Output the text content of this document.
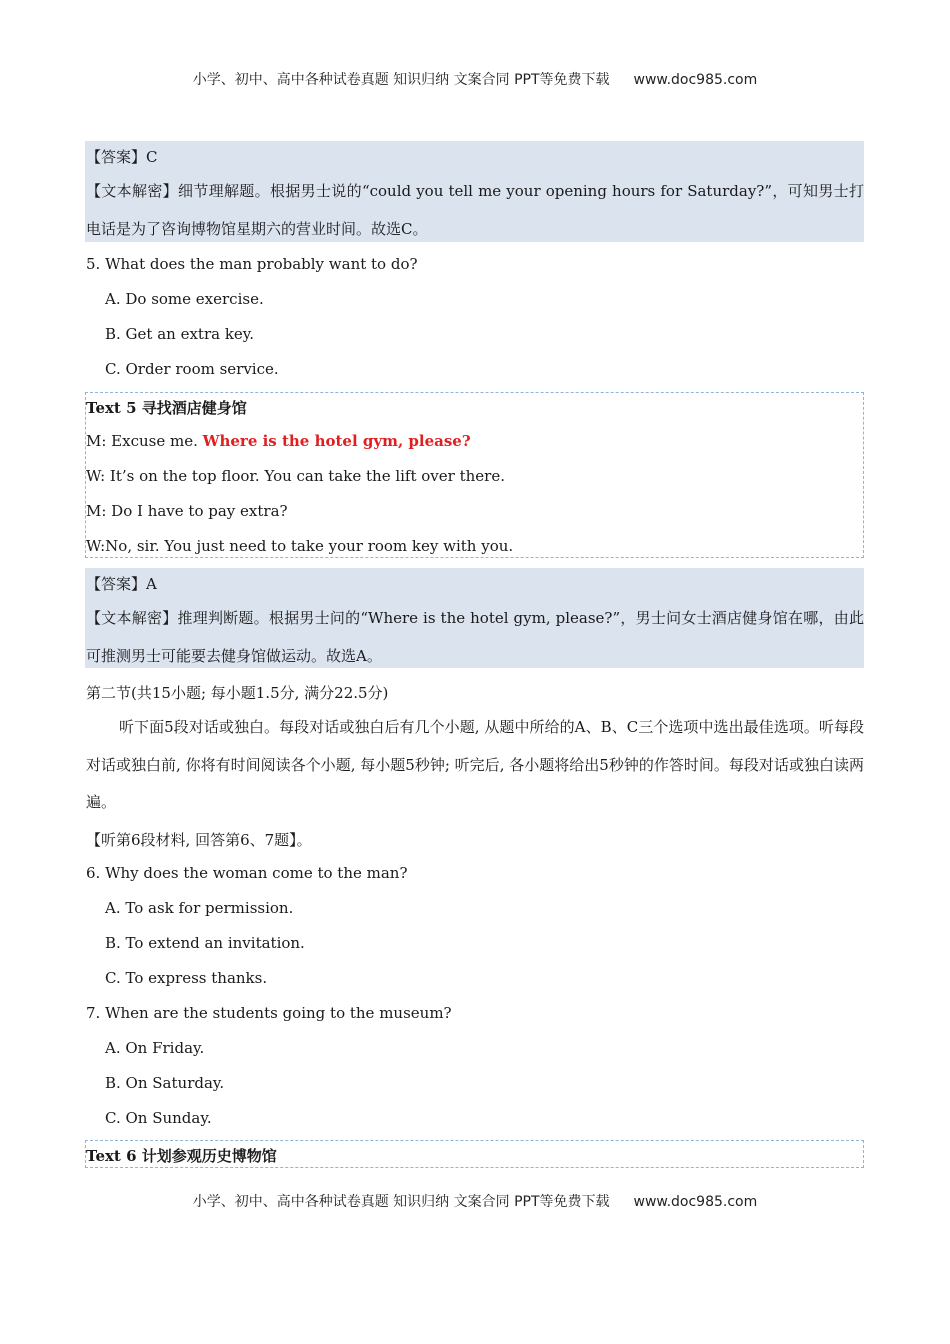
小学、初中、高中各种试卷真题 知识归纳 文案合同 PPT等免费下载 www.doc985.com
【答案】C
【文本解密】细节理解题。根据男士说的“could you tell me your opening hours for Saturday?”，可知男士打电话是为了咨询博物馆星期六的营业时间。故选C。
5. What does the man probably want to do?
A. Do some exercise.
B. Get an extra key.
C. Order room service.
Text 5 寻找酒店健身馆
M: Excuse me. Where is the hotel gym, please?
W: It’s on the top floor. You can take the lift over there.
M: Do I have to pay extra?
W:No, sir. You just need to take your room key with you.
【答案】A
【文本解密】推理判断题。根据男士问的“Where is the hotel gym, please?”，男士问女士酒店健身馆在哪，由此可推测男士可能要去健身馆做运动。故选A。
第二节(共15小题; 每小题1.5分, 满分22.5分)
听下面5段对话或独白。每段对话或独白后有几个小题, 从题中所给的A、B、C三个选项中选出最佳选项。听每段对话或独白前, 你将有时间阅读各个小题, 每小题5秒钟; 听完后, 各小题将给出5秒钟的作答时间。每段对话或独白读两遍。
【听第6段材料, 回答第6、7题】。
6. Why does the woman come to the man?
A. To ask for permission.
B. To extend an invitation.
C. To express thanks.
7. When are the students going to the museum?
A. On Friday.
B. On Saturday.
C. On Sunday.
Text 6 计划参观历史博物馆
小学、初中、高中各种试卷真题 知识归纳 文案合同 PPT等免费下载 www.doc985.com
